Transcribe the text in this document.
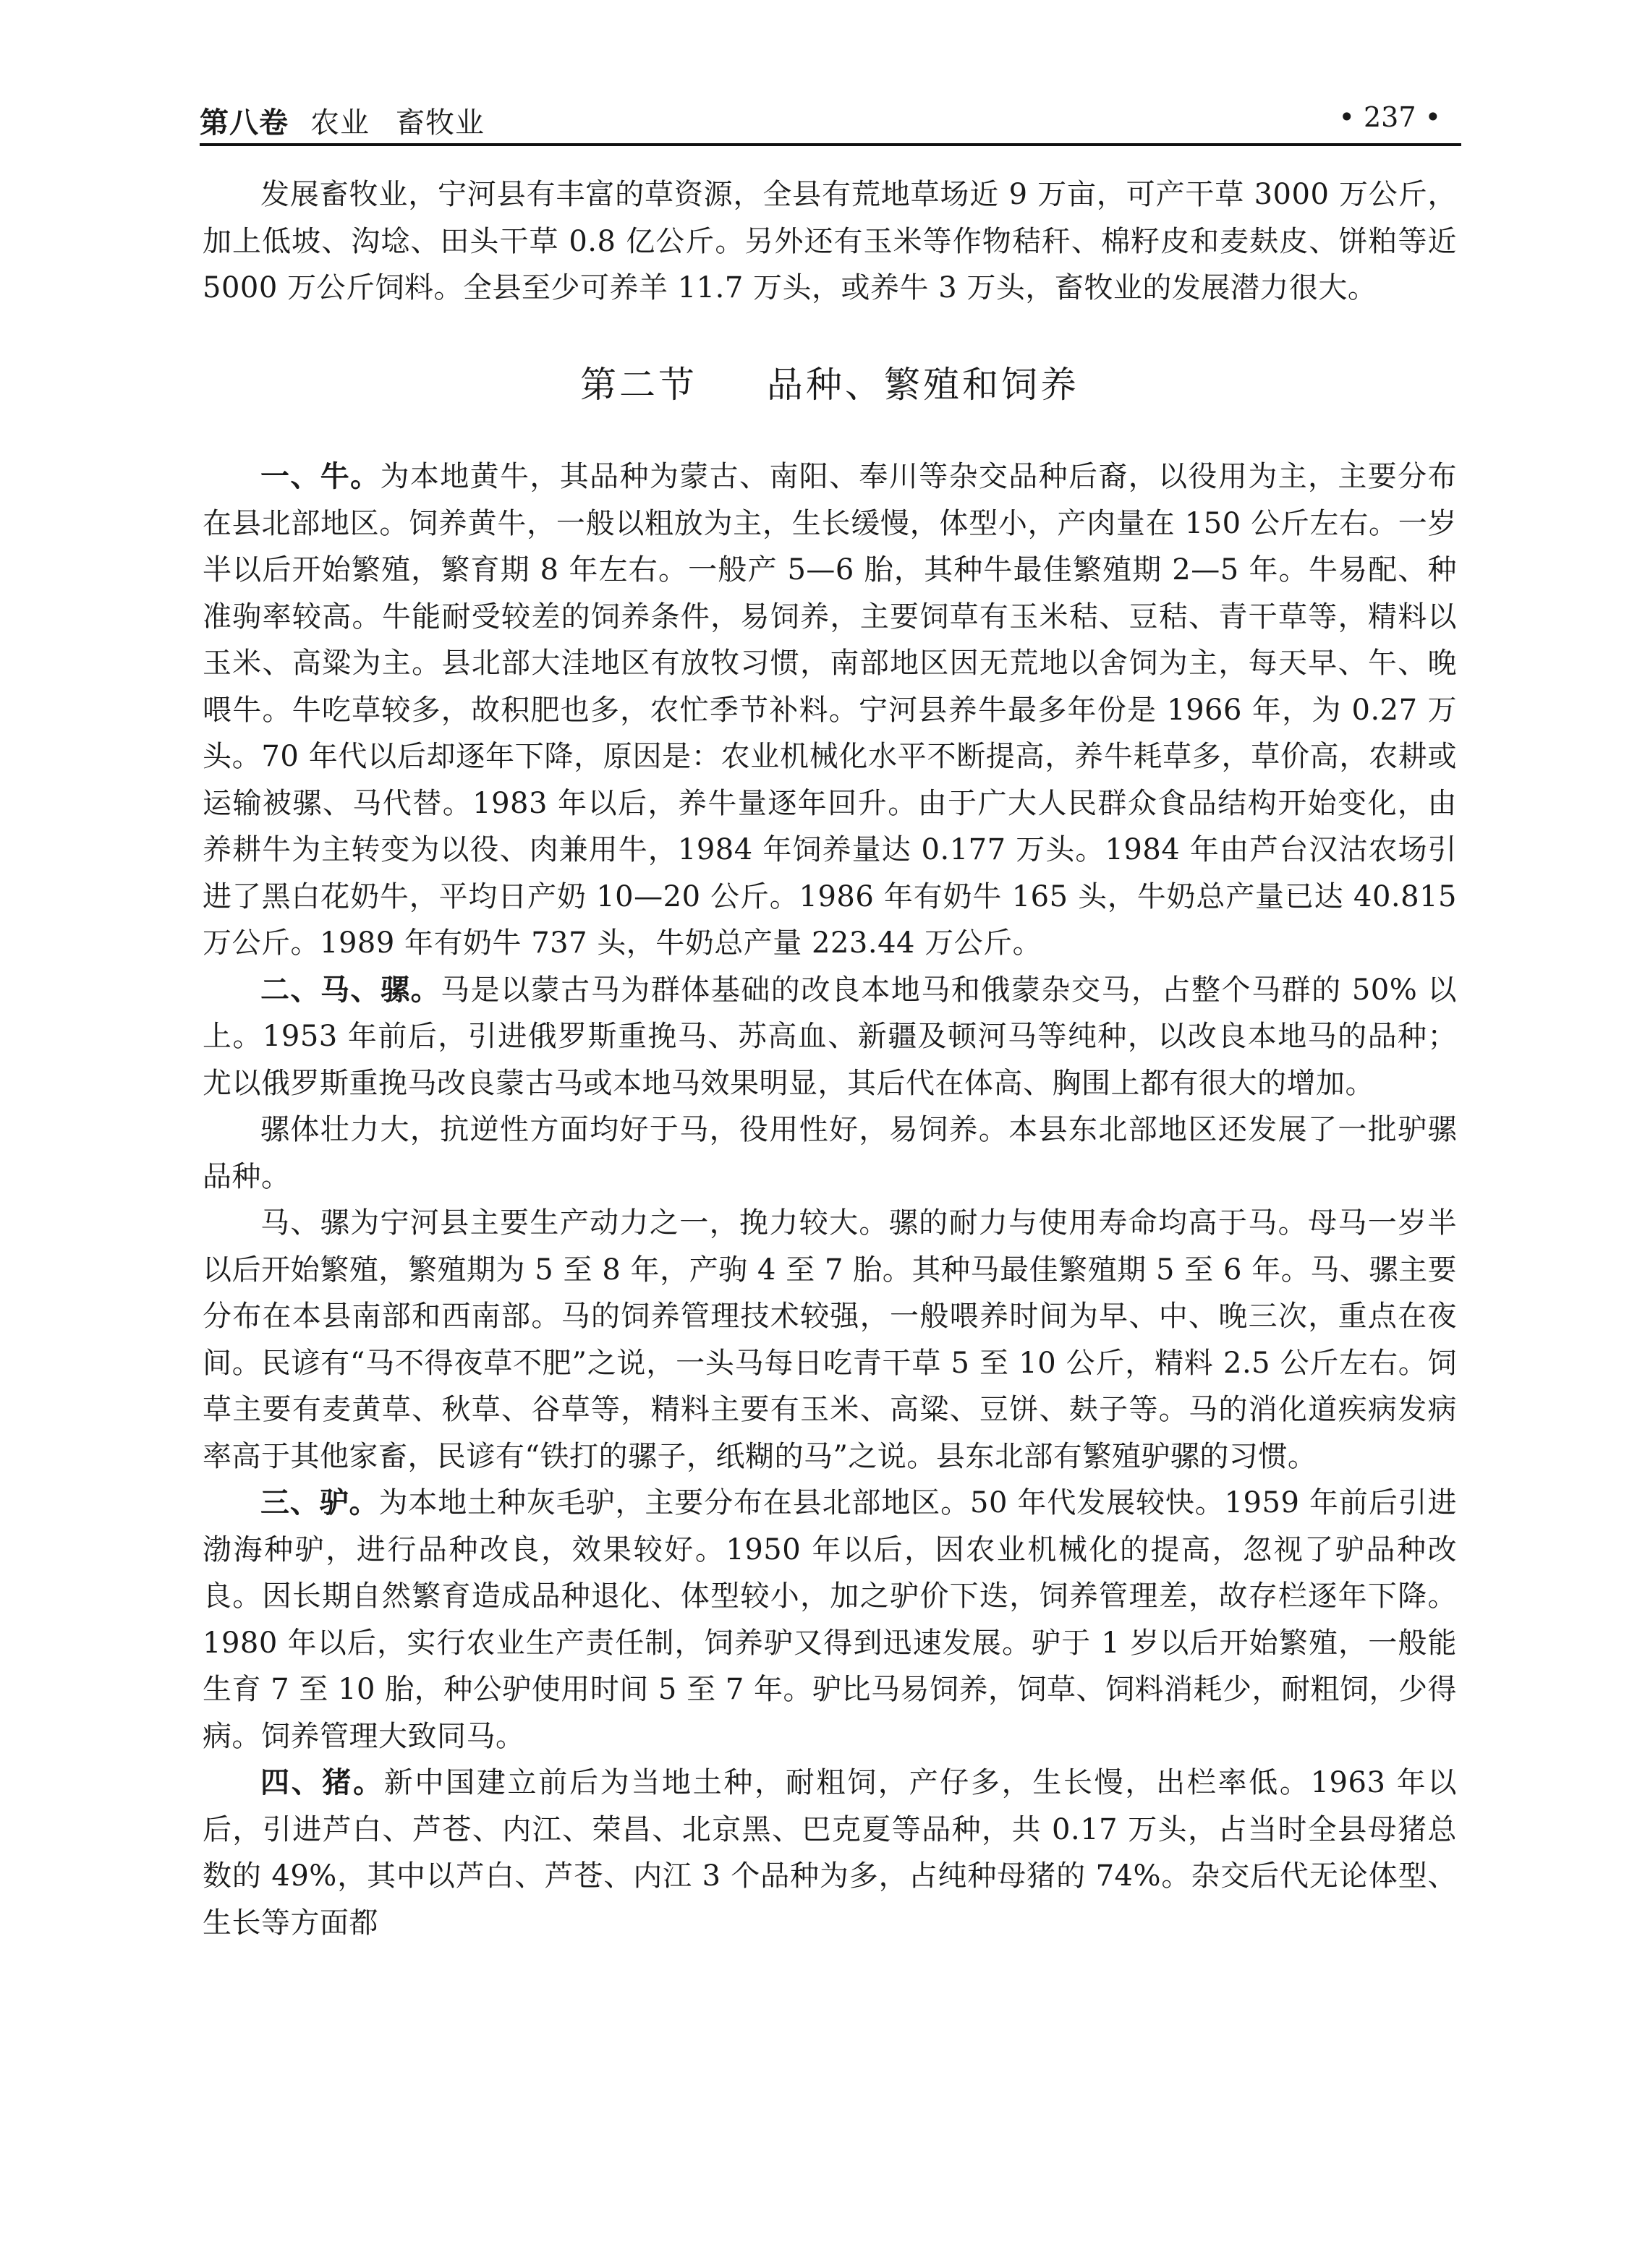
第八卷 农业 畜牧业	• 237 •

发展畜牧业，宁河县有丰富的草资源，全县有荒地草场近 9 万亩，可产干草 3000 万公斤，加上低坡、沟埝、田头干草 0.8 亿公斤。另外还有玉米等作物秸秆、棉籽皮和麦麸皮、饼粕等近 5000 万公斤饲料。全县至少可养羊 11.7 万头，或养牛 3 万头，畜牧业的发展潜力很大。

第二节 品种、繁殖和饲养

一、牛。为本地黄牛，其品种为蒙古、南阳、奉川等杂交品种后裔，以役用为主，主要分布在县北部地区。饲养黄牛，一般以粗放为主，生长缓慢，体型小，产肉量在 150 公斤左右。一岁半以后开始繁殖，繁育期 8 年左右。一般产 5—6 胎，其种牛最佳繁殖期 2—5 年。牛易配、种准驹率较高。牛能耐受较差的饲养条件，易饲养，主要饲草有玉米秸、豆秸、青干草等，精料以玉米、高粱为主。县北部大洼地区有放牧习惯，南部地区因无荒地以舍饲为主，每天早、午、晚喂牛。牛吃草较多，故积肥也多，农忙季节补料。宁河县养牛最多年份是 1966 年，为 0.27 万头。70 年代以后却逐年下降，原因是：农业机械化水平不断提高，养牛耗草多，草价高，农耕或运输被骡、马代替。1983 年以后，养牛量逐年回升。由于广大人民群众食品结构开始变化，由养耕牛为主转变为以役、肉兼用牛，1984 年饲养量达 0.177 万头。1984 年由芦台汉沽农场引进了黑白花奶牛，平均日产奶 10—20 公斤。1986 年有奶牛 165 头，牛奶总产量已达 40.815 万公斤。1989 年有奶牛 737 头，牛奶总产量 223.44 万公斤。

二、马、骡。马是以蒙古马为群体基础的改良本地马和俄蒙杂交马，占整个马群的 50% 以上。1953 年前后，引进俄罗斯重挽马、苏高血、新疆及顿河马等纯种，以改良本地马的品种；尤以俄罗斯重挽马改良蒙古马或本地马效果明显，其后代在体高、胸围上都有很大的增加。

骡体壮力大，抗逆性方面均好于马，役用性好，易饲养。本县东北部地区还发展了一批驴骡品种。

马、骡为宁河县主要生产动力之一，挽力较大。骡的耐力与使用寿命均高于马。母马一岁半以后开始繁殖，繁殖期为 5 至 8 年，产驹 4 至 7 胎。其种马最佳繁殖期 5 至 6 年。马、骡主要分布在本县南部和西南部。马的饲养管理技术较强，一般喂养时间为早、中、晚三次，重点在夜间。民谚有“马不得夜草不肥”之说，一头马每日吃青干草 5 至 10 公斤，精料 2.5 公斤左右。饲草主要有麦黄草、秋草、谷草等，精料主要有玉米、高粱、豆饼、麸子等。马的消化道疾病发病率高于其他家畜，民谚有“铁打的骡子，纸糊的马”之说。县东北部有繁殖驴骡的习惯。

三、驴。为本地土种灰毛驴，主要分布在县北部地区。50 年代发展较快。1959 年前后引进渤海种驴，进行品种改良，效果较好。1950 年以后，因农业机械化的提高，忽视了驴品种改良。因长期自然繁育造成品种退化、体型较小，加之驴价下迭，饲养管理差，故存栏逐年下降。1980 年以后，实行农业生产责任制，饲养驴又得到迅速发展。驴于 1 岁以后开始繁殖，一般能生育 7 至 10 胎，种公驴使用时间 5 至 7 年。驴比马易饲养，饲草、饲料消耗少，耐粗饲，少得病。饲养管理大致同马。

四、猪。新中国建立前后为当地土种，耐粗饲，产仔多，生长慢，出栏率低。1963 年以后，引进芦白、芦苍、内江、荣昌、北京黑、巴克夏等品种，共 0.17 万头，占当时全县母猪总数的 49%，其中以芦白、芦苍、内江 3 个品种为多，占纯种母猪的 74%。杂交后代无论体型、生长等方面都
